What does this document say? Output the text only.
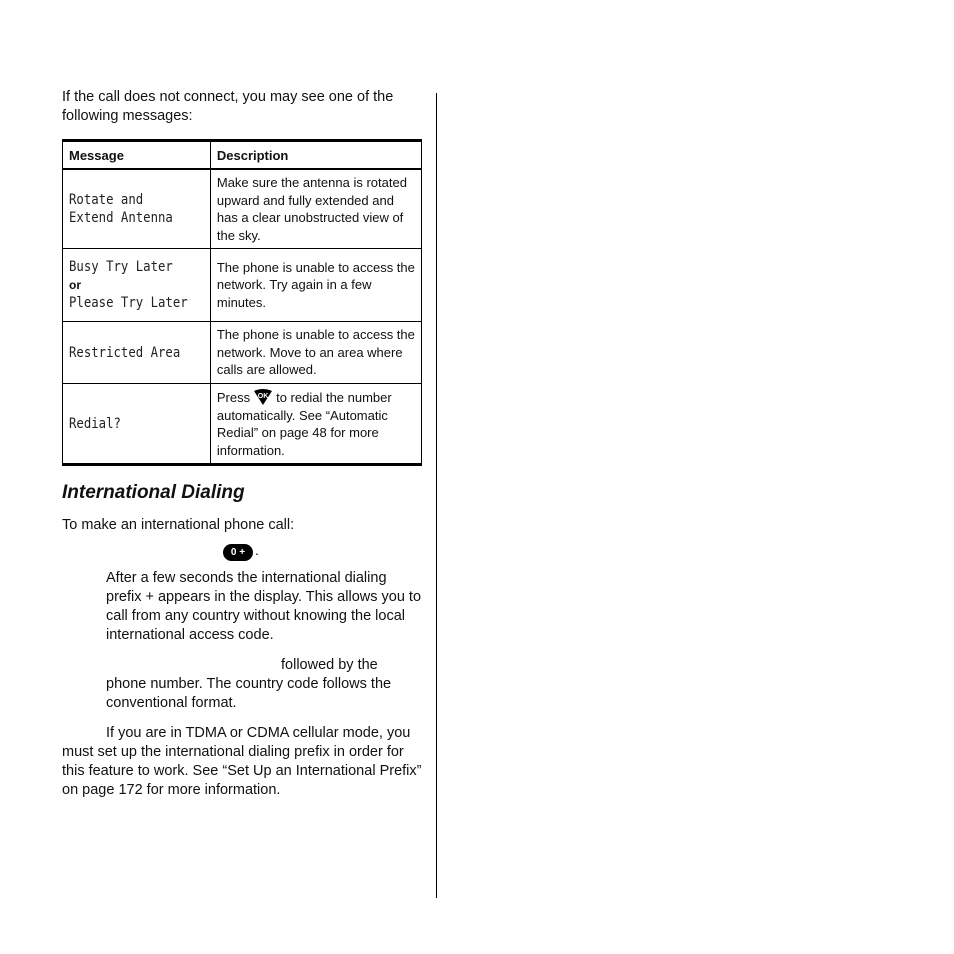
If the call does not connect, you may see one of the following messages:

Message	Description

Rotate and
Extend Antenna	Make sure the antenna is rotated upward and fully extended and has a clear unobstructed view of the sky.

Busy Try Later
or
Please Try Later	The phone is unable to access the network. Try again in a few minutes.

Restricted Area	The phone is unable to access the network. Move to an area where calls are allowed.

Redial?	Press OK to redial the number automatically. See “Automatic Redial” on page 48 for more information.
International Dialing

To make an international phone call:

0 + .

After a few seconds the international dialing prefix + appears in the display. This allows you to call from any country without knowing the local international access code.

followed by the phone number. The country code follows the conventional format.

If you are in TDMA or CDMA cellular mode, you must set up the international dialing prefix in order for this feature to work. See “Set Up an International Prefix” on page 172 for more information.
